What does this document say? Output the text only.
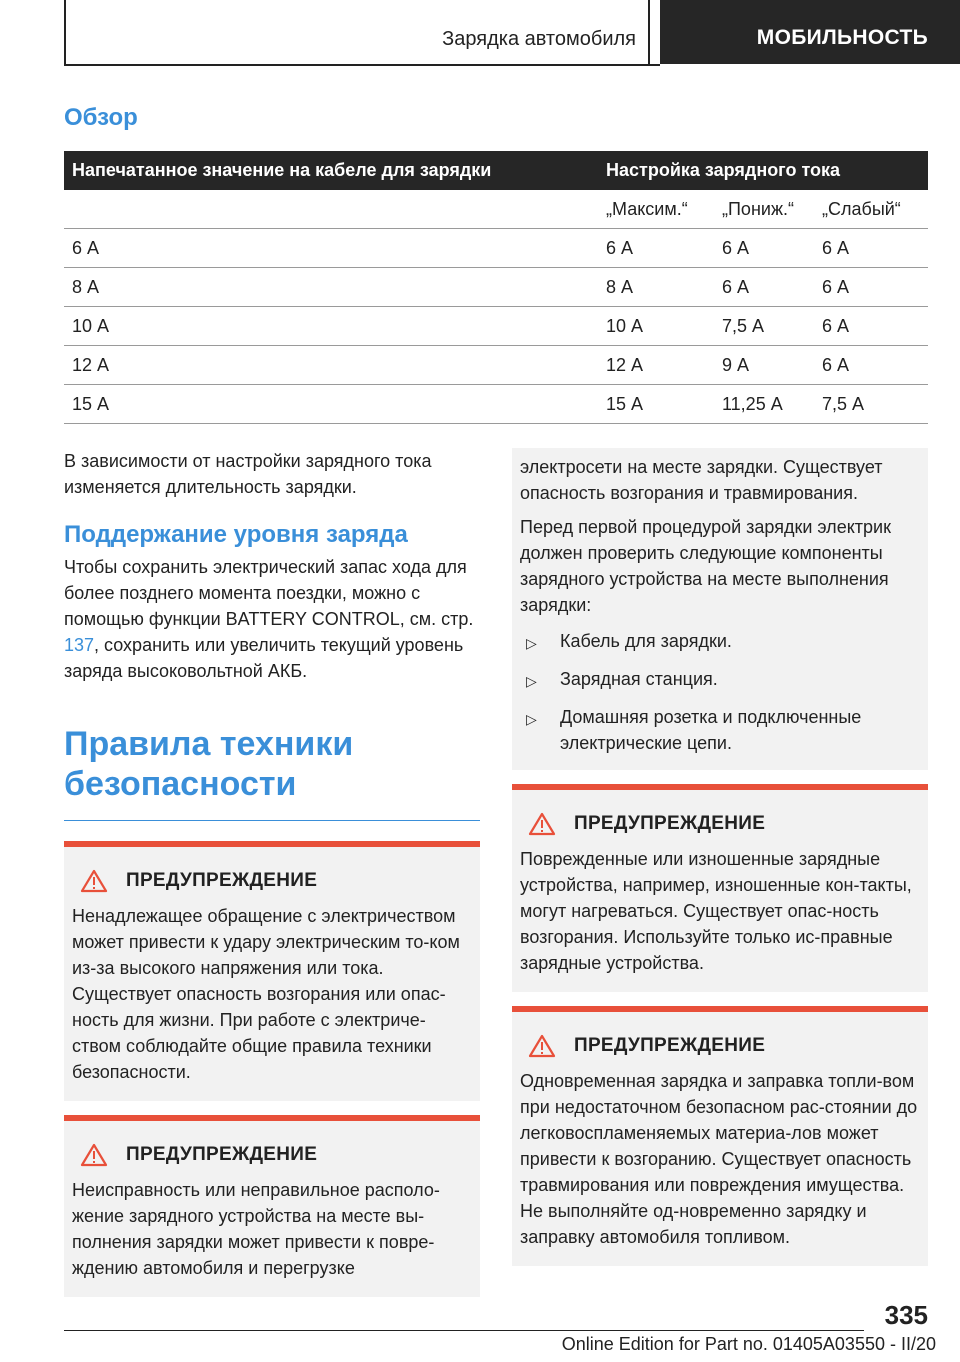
Зарядка автомобиля	МОБИЛЬНОСТЬ
Обзор
Напечатанное значение на кабеле для зарядки	Настройка зарядного тока		
	„Максим.“	„Пониж.“	„Слабый“
6 А	6 А	6 А	6 А
8 А	8 А	6 А	6 А
10 А	10 А	7,5 А	6 А
12 А	12 А	9 А	6 А
15 А	15 А	11,25 А	7,5 А

В зависимости от настройки зарядного тока изменяется длительность зарядки.

Поддержание уровня заряда

Чтобы сохранить электрический запас хода для более позднего момента поездки, можно с помощью функции BATTERY CONTROL, см. стр. 137, сохранить или увеличить текущий уровень заряда высоковольтной АКБ.

Правила техники
безопасности
ПРЕДУПРЕЖДЕНИЕ

Ненадлежащее обращение с электричеством может привести к удару электрическим то-ком из-за высокого напряжения или тока. Существует опасность возгорания или опас-ность для жизни. При работе с электриче-ством соблюдайте общие правила техники безопасности.

ПРЕДУПРЕЖДЕНИЕ

Неисправность или неправильное располо-жение зарядного устройства на месте вы-полнения зарядки может привести к повре-ждению автомобиля и перегрузке

электросети на месте зарядки. Существует опасность возгорания и травмирования.

Перед первой процедурой зарядки электрик должен проверить следующие компоненты зарядного устройства на месте выполнения зарядки:

▷	Кабель для зарядки.
▷	Зарядная станция.
▷	Домашняя розетка и подключенные электрические цепи.
ПРЕДУПРЕЖДЕНИЕ

Поврежденные или изношенные зарядные устройства, например, изношенные кон-такты, могут нагреваться. Существует опас-ность возгорания. Используйте только ис-правные зарядные устройства.

ПРЕДУПРЕЖДЕНИЕ

Одновременная зарядка и заправка топли-вом при недостаточном безопасном рас-стоянии до легковоспламеняемых материа-лов может привести к возгоранию. Существует опасность травмирования или повреждения имущества. Не выполняйте од-новременно зарядку и заправку автомобиля топливом.

335
Online Edition for Part no. 01405A03550 - II/20
